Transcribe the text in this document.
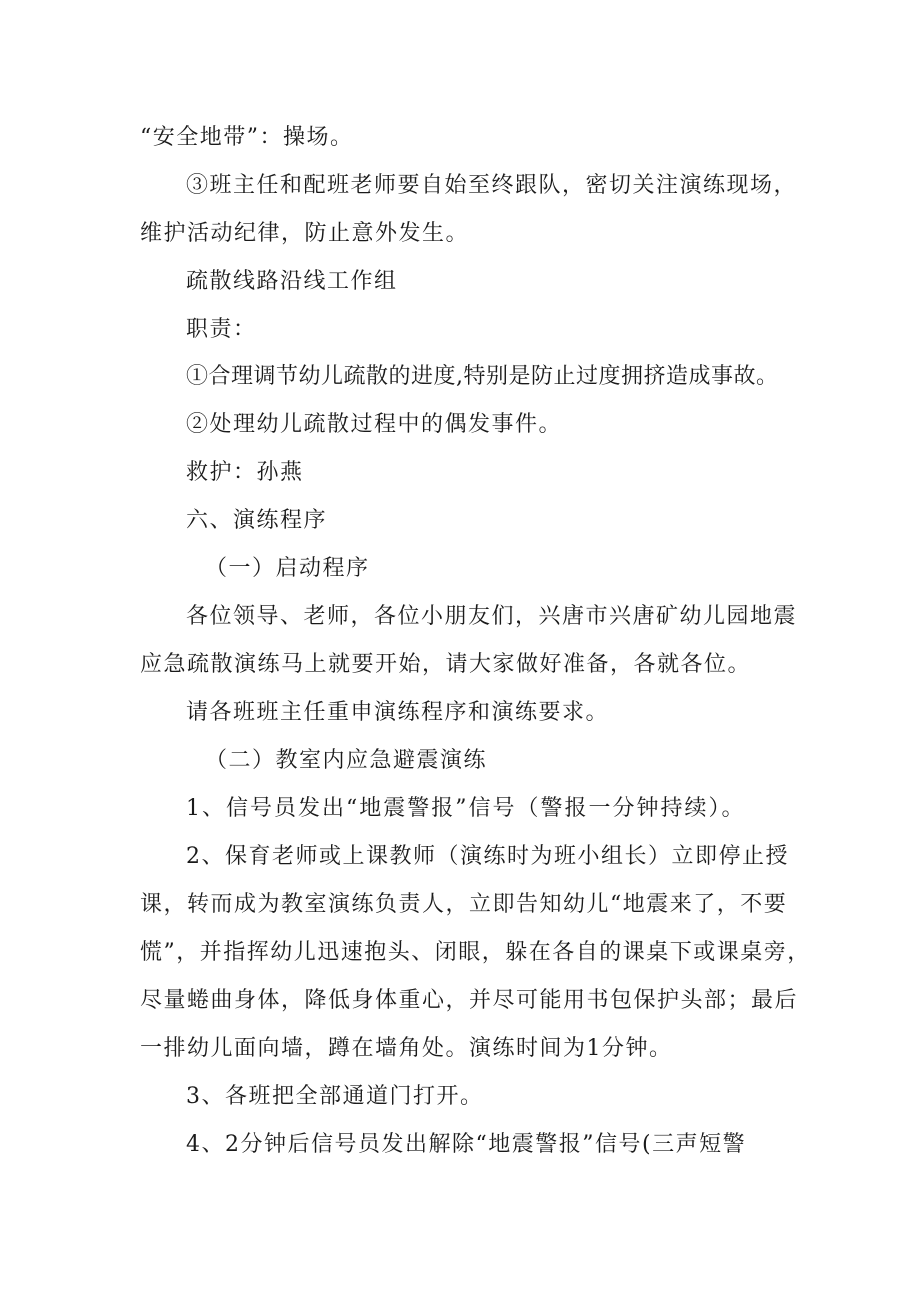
“安全地带”：操场。
③班主任和配班老师要自始至终跟队，密切关注演练现场，
维护活动纪律，防止意外发生。
疏散线路沿线工作组
职责：
①合理调节幼儿疏散的进度,特别是防止过度拥挤造成事故。
②处理幼儿疏散过程中的偶发事件。
救护：孙燕
六、演练程序
（一）启动程序
各位领导、老师，各位小朋友们，兴唐市兴唐矿幼儿园地震
应急疏散演练马上就要开始，请大家做好准备，各就各位。
请各班班主任重申演练程序和演练要求。
（二）教室内应急避震演练
1、信号员发出“地震警报”信号（警报一分钟持续）。
2、保育老师或上课教师（演练时为班小组长）立即停止授
课，转而成为教室演练负责人，立即告知幼儿“地震来了，不要
慌”，并指挥幼儿迅速抱头、闭眼，躲在各自的课桌下或课桌旁，
尽量蜷曲身体，降低身体重心，并尽可能用书包保护头部；最后
一排幼儿面向墙，蹲在墙角处。演练时间为1分钟。
3、各班把全部通道门打开。
4、2分钟后信号员发出解除“地震警报”信号(三声短警
